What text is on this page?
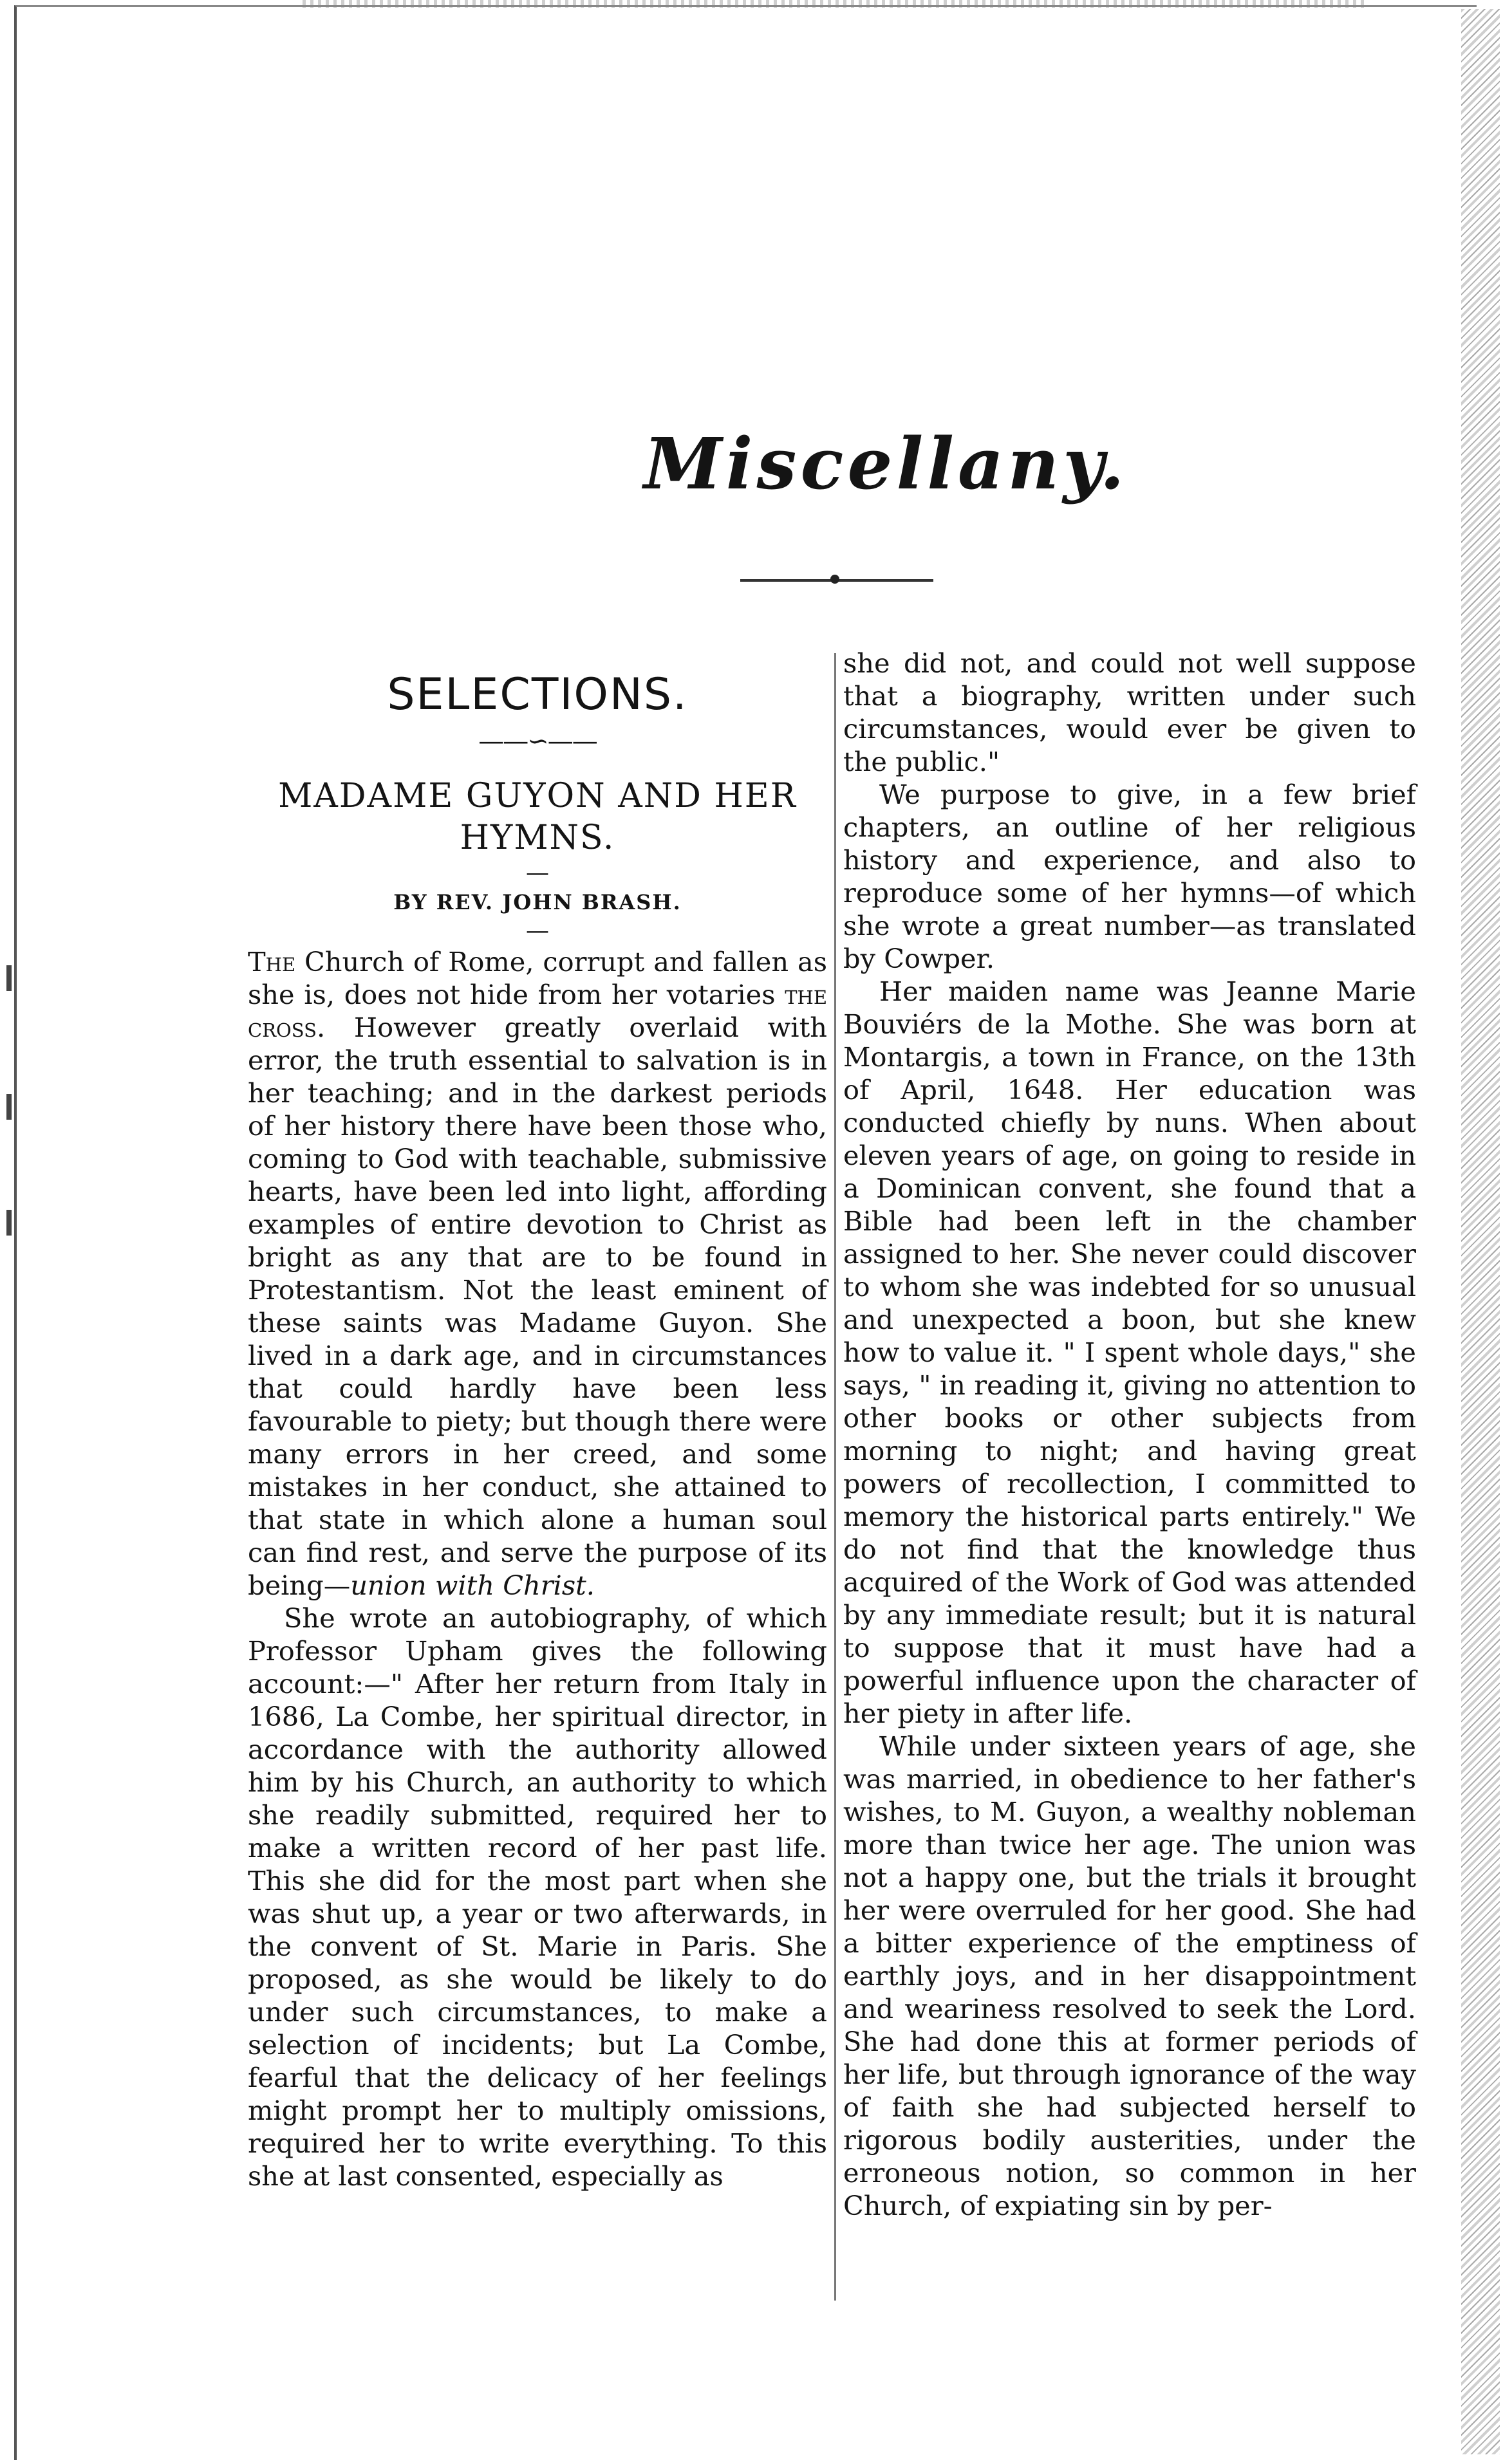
Miscellany.
SELECTIONS.
——∽——
MADAME GUYON AND HER
HYMNS.
—
BY REV. JOHN BRASH.
—

The Church of Rome, corrupt and fallen as she is, does not hide from her votaries the cross. However greatly overlaid with error, the truth essential to salvation is in her teaching; and in the darkest periods of her history there have been those who, coming to God with teachable, submissive hearts, have been led into light, affording examples of entire devotion to Christ as bright as any that are to be found in Protestantism. Not the least eminent of these saints was Madame Guyon. She lived in a dark age, and in circumstances that could hardly have been less favourable to piety; but though there were many errors in her creed, and some mistakes in her conduct, she attained to that state in which alone a human soul can find rest, and serve the purpose of its being—union with Christ.

She wrote an autobiography, of which Professor Upham gives the following account:—" After her return from Italy in 1686, La Combe, her spiritual director, in accordance with the authority allowed him by his Church, an authority to which she readily submitted, required her to make a written record of her past life. This she did for the most part when she was shut up, a year or two afterwards, in the convent of St. Marie in Paris. She proposed, as she would be likely to do under such circumstances, to make a selection of incidents; but La Combe, fearful that the delicacy of her feelings might prompt her to multiply omissions, required her to write everything. To this she at last consented, especially as

she did not, and could not well suppose that a biography, written under such circumstances, would ever be given to the public."

We purpose to give, in a few brief chapters, an outline of her religious history and experience, and also to reproduce some of her hymns—of which she wrote a great number—as translated by Cowper.

Her maiden name was Jeanne Marie Bouviérs de la Mothe. She was born at Montargis, a town in France, on the 13th of April, 1648. Her education was conducted chiefly by nuns. When about eleven years of age, on going to reside in a Dominican convent, she found that a Bible had been left in the chamber assigned to her. She never could discover to whom she was indebted for so unusual and unexpected a boon, but she knew how to value it. " I spent whole days," she says, " in reading it, giving no attention to other books or other subjects from morning to night; and having great powers of recollection, I committed to memory the historical parts entirely." We do not find that the knowledge thus acquired of the Work of God was attended by any immediate result; but it is natural to suppose that it must have had a powerful influence upon the character of her piety in after life.

While under sixteen years of age, she was married, in obedience to her father's wishes, to M. Guyon, a wealthy nobleman more than twice her age. The union was not a happy one, but the trials it brought her were overruled for her good. She had a bitter experience of the emptiness of earthly joys, and in her disappointment and weariness resolved to seek the Lord. She had done this at former periods of her life, but through ignorance of the way of faith she had subjected herself to rigorous bodily austerities, under the erroneous notion, so common in her Church, of expiating sin by per-
